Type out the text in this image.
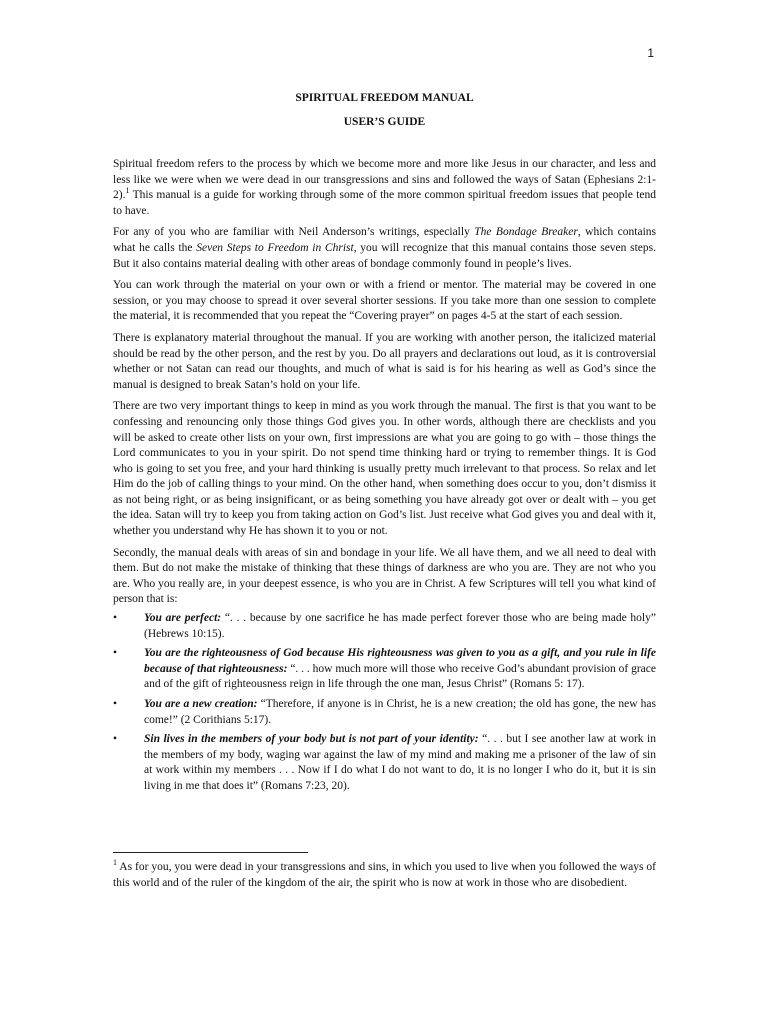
1

SPIRITUAL FREEDOM MANUAL

USER’S GUIDE

Spiritual freedom refers to the process by which we become more and more like Jesus in our character, and less and less like we were when we were dead in our transgressions and sins and followed the ways of Satan (Ephesians 2:1-2).$^1$ This manual is a guide for working through some of the more common spiritual freedom issues that people tend to have.

For any of you who are familiar with Neil Anderson’s writings, especially The Bondage Breaker, which contains what he calls the Seven Steps to Freedom in Christ, you will recognize that this manual contains those seven steps. But it also contains material dealing with other areas of bondage commonly found in people’s lives.

You can work through the material on your own or with a friend or mentor. The material may be covered in one session, or you may choose to spread it over several shorter sessions. If you take more than one session to complete the material, it is recommended that you repeat the “Covering prayer” on pages 4-5 at the start of each session.

There is explanatory material throughout the manual. If you are working with another person, the italicized material should be read by the other person, and the rest by you. Do all prayers and declarations out loud, as it is controversial whether or not Satan can read our thoughts, and much of what is said is for his hearing as well as God’s since the manual is designed to break Satan’s hold on your life.

There are two very important things to keep in mind as you work through the manual. The first is that you want to be confessing and renouncing only those things God gives you. In other words, although there are checklists and you will be asked to create other lists on your own, first impressions are what you are going to go with – those things the Lord communicates to you in your spirit. Do not spend time thinking hard or trying to remember things. It is God who is going to set you free, and your hard thinking is usually pretty much irrelevant to that process. So relax and let Him do the job of calling things to your mind. On the other hand, when something does occur to you, don’t dismiss it as not being right, or as being insignificant, or as being something you have already got over or dealt with – you get the idea. Satan will try to keep you from taking action on God’s list. Just receive what God gives you and deal with it, whether you understand why He has shown it to you or not.

Secondly, the manual deals with areas of sin and bondage in your life. We all have them, and we all need to deal with them. But do not make the mistake of thinking that these things of darkness are who you are. They are not who you are. Who you really are, in your deepest essence, is who you are in Christ. A few Scriptures will tell you what kind of person that is:

• You are perfect: “. . . because by one sacrifice he has made perfect forever those who are being made holy” (Hebrews 10:15).
• You are the righteousness of God because His righteousness was given to you as a gift, and you rule in life because of that righteousness: “. . . how much more will those who receive God’s abundant provision of grace and of the gift of righteousness reign in life through the one man, Jesus Christ” (Romans 5: 17).
• You are a new creation: “Therefore, if anyone is in Christ, he is a new creation; the old has gone, the new has come!” (2 Corithians 5:17).
• Sin lives in the members of your body but is not part of your identity: “. . . but I see another law at work in the members of my body, waging war against the law of my mind and making me a prisoner of the law of sin at work within my members . . . Now if I do what I do not want to do, it is no longer I who do it, but it is sin living in me that does it” (Romans 7:23, 20).

$^1$ As for you, you were dead in your transgressions and sins, in which you used to live when you followed the ways of this world and of the ruler of the kingdom of the air, the spirit who is now at work in those who are disobedient.
